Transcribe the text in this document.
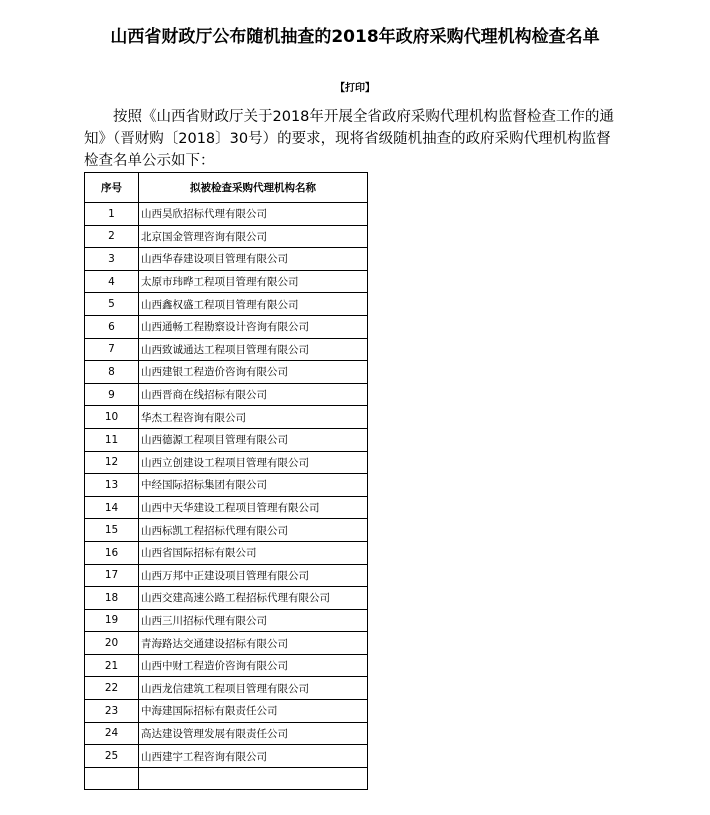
山西省财政厅公布随机抽查的2018年政府采购代理机构检查名单
【打印】
按照《山西省财政厅关于2018年开展全省政府采购代理机构监督检查工作的通知》（晋财购〔2018〕30号）的要求，现将省级随机抽查的政府采购代理机构监督检查名单公示如下：
序号	拟被检查采购代理机构名称
1	山西昊欣招标代理有限公司
2	北京国金管理咨询有限公司
3	山西华春建设项目管理有限公司
4	太原市玮晔工程项目管理有限公司
5	山西鑫权盛工程项目管理有限公司
6	山西通畅工程勘察设计咨询有限公司
7	山西致诚通达工程项目管理有限公司
8	山西建银工程造价咨询有限公司
9	山西晋商在线招标有限公司
10	华杰工程咨询有限公司
11	山西德源工程项目管理有限公司
12	山西立创建设工程项目管理有限公司
13	中经国际招标集团有限公司
14	山西中天华建设工程项目管理有限公司
15	山西标凯工程招标代理有限公司
16	山西省国际招标有限公司
17	山西万邦中正建设项目管理有限公司
18	山西交建高速公路工程招标代理有限公司
19	山西三川招标代理有限公司
20	青海路达交通建设招标有限公司
21	山西中财工程造价咨询有限公司
22	山西龙信建筑工程项目管理有限公司
23	中海建国际招标有限责任公司
24	高达建设管理发展有限责任公司
25	山西建宇工程咨询有限公司
